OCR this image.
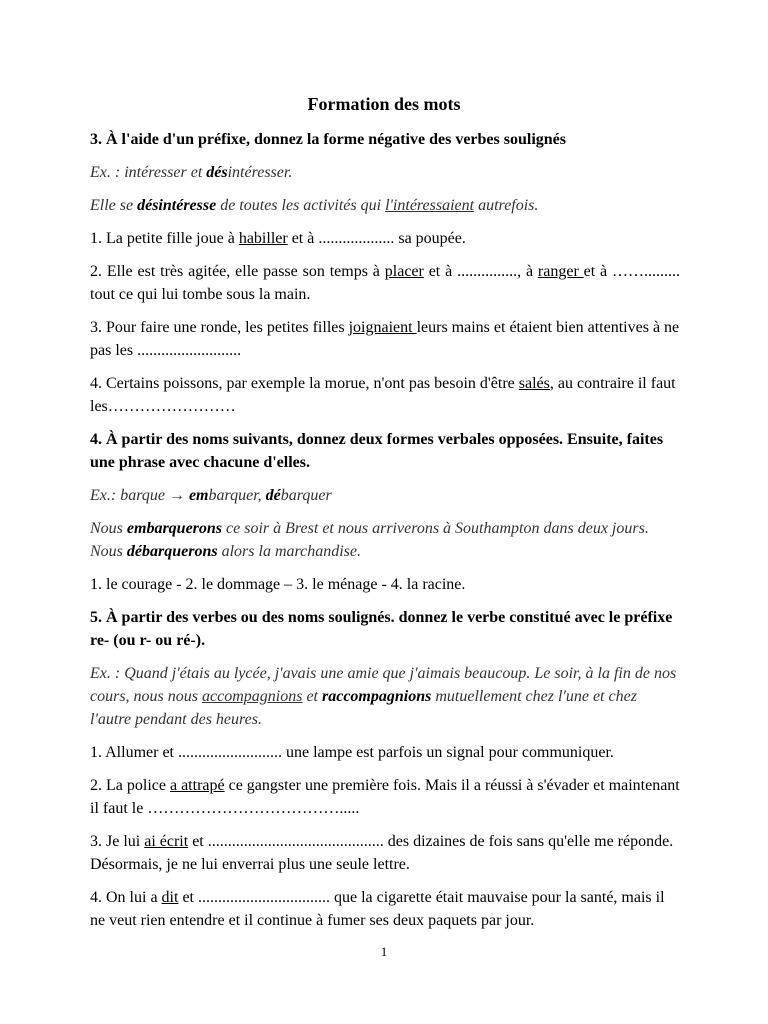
Formation des mots

3. À l'aide d'un préfixe, donnez la forme négative des verbes soulignés

Ex. : intéresser et désintéresser.

Elle se désintéresse de toutes les activités qui l'intéressaient autrefois.

1. La petite fille joue à habiller et à ................... sa poupée.

2. Elle est très agitée, elle passe son temps à placer et à ..............., à ranger et à ……......... tout ce qui lui tombe sous la main.

3. Pour faire une ronde, les petites filles joignaient leurs mains et étaient bien attentives à ne pas les ..........................

4. Certains poissons, par exemple la morue, n'ont pas besoin d'être salés, au contraire il faut les……………………

4. À partir des noms suivants, donnez deux formes verbales opposées. Ensuite, faites une phrase avec chacune d'elles.

Ex.: barque → embarquer, débarquer

Nous embarquerons ce soir à Brest et nous arriverons à Southampton dans deux jours. Nous débarquerons alors la marchandise.

1. le courage - 2. le dommage – 3. le ménage - 4. la racine.

5. À partir des verbes ou des noms soulignés. donnez le verbe constitué avec le préfixe re- (ou r- ou ré-).

Ex. : Quand j'étais au lycée, j'avais une amie que j'aimais beaucoup. Le soir, à la fin de nos cours, nous nous accompagnions et raccompagnions mutuellement chez l'une et chez l'autre pendant des heures.

1. Allumer et .......................... une lampe est parfois un signal pour communiquer.

2. La police a attrapé ce gangster une première fois. Mais il a réussi à s'évader et maintenant il faut le ……………………………….....

3. Je lui ai écrit et ............................................ des dizaines de fois sans qu'elle me réponde. Désormais, je ne lui enverrai plus une seule lettre.

4. On lui a dit et ................................. que la cigarette était mauvaise pour la santé, mais il ne veut rien entendre et il continue à fumer ses deux paquets par jour.

1
